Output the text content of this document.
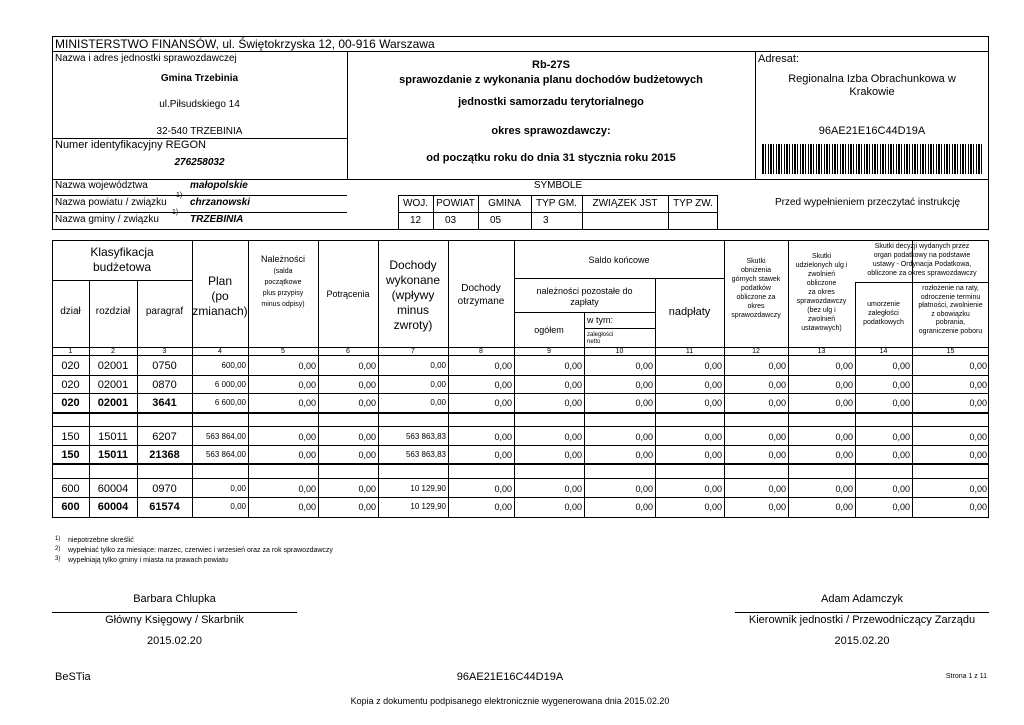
MINISTERSTWO FINANSÓW, ul. Świętokrzyska 12, 00-916 Warszawa
Nazwa i adres jednostki sprawozdawczej
Gmina Trzebinia
ul.Piłsudskiego 14
32-540 TRZEBINIA
Numer identyfikacyjny REGON
276258032
Rb-27S
sprawozdanie z wykonania planu dochodów budżetowych
jednostki samorzadu terytorialnego
okres sprawozdawczy:
od początku roku do dnia 31 stycznia roku 2015
Adresat:
Regionalna Izba Obrachunkowa w
Krakowie
96AE21E16C44D19A
Nazwa województwa	małopolskie
Nazwa powiatu / związku
1)
chrzanowski
Nazwa gminy / związku
1)
TRZEBINIA
SYMBOLE
WOJ. POWIAT	GMINA	TYP GM.	ZWIĄZEK JST	TYP ZW.
12 03	05	3
Przed wypełnieniem przeczytać instrukcję
Klasyfikacja
budżetowa
dział	rozdział	paragraf
Plan
(po
zmianach)
Należności
(salda
początkowe
plus przypisy
minus odpisy)
Potrącenia
Dochody
wykonane
(wpływy
minus
zwroty)
Dochody
otrzymane
Saldo końcowe
należności pozostałe do
zapłaty
ogółem
w tym:
zaległości
netto
nadpłaty
Skutki
obniżenia
górnych stawek
podatków
obliczone za
okres
sprawozdawczy
Skutki
udzielonych ulg i
zwolnień
obliczone
za okres
sprawozdawczy
(bez ulg i
zwolnień
ustawowych)
Skutki decyzji wydanych przez
organ podatkowy na podstawie
ustawy - Ordynacja Podatkowa,
obliczone za okres sprawozdawczy
umorzenie
zaległości
podatkowych
rozłożenie na raty,
odroczenie terminu
płatności, zwolnienie
z obowiązku
pobrania,
ograniczenie poboru
1	2	3	4	5	6	7	8	9	10	11	12	13	14	15
020	02001	0750	600,00	0,00	0,00	0,00	0,00	0,00	0,00	0,00	0,00	0,00	0,00	0,00
020	02001	0870	6 000,00	0,00	0,00	0,00	0,00	0,00	0,00	0,00	0,00	0,00	0,00	0,00
020	02001	3641	6 600,00	0,00	0,00	0,00	0,00	0,00	0,00	0,00	0,00	0,00	0,00	0,00
150	15011	6207	563 864,00	0,00	0,00	563 863,83	0,00	0,00	0,00	0,00	0,00	0,00	0,00	0,00
150	15011	21368	563 864,00	0,00	0,00	563 863,83	0,00	0,00	0,00	0,00	0,00	0,00	0,00	0,00
600	60004	0970	0,00	0,00	0,00	10 129,90	0,00	0,00	0,00	0,00	0,00	0,00	0,00	0,00
600	60004	61574	0,00	0,00	0,00	10 129,90	0,00	0,00	0,00	0,00	0,00	0,00	0,00	0,00
1) niepotrzebne skreślić
2) wypełniać tylko za miesiące: marzec, czerwiec i wrzesień oraz za rok sprawozdawczy
3) wypełniają tylko gminy i miasta na prawach powiatu
Barbara Chlupka
Główny Księgowy / Skarbnik
2015.02.20
Adam Adamczyk
Kierownik jednostki / Przewodniczący Zarządu
2015.02.20
BeSTia	96AE21E16C44D19A	Strona 1 z 11
Kopia z dokumentu podpisanego elektronicznie wygenerowana dnia 2015.02.20
